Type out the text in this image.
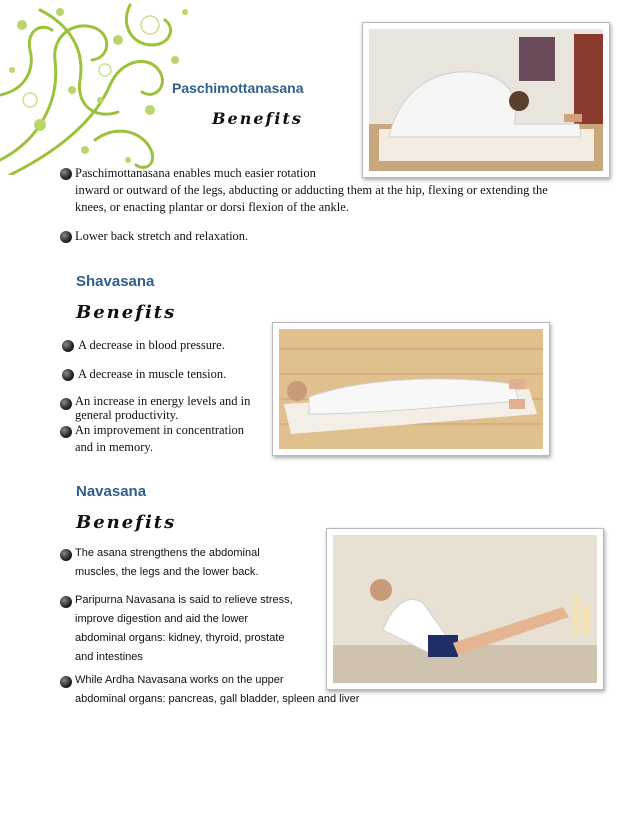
Paschimottanasana
Benefits
Paschimottanasana enables much easier rotation
inward or outward of the legs, abducting or adducting them at the hip, flexing or extending the
knees, or enacting plantar or dorsi flexion of the ankle.
Lower back stretch and relaxation.
Shavasana
Benefits
A decrease in blood pressure.
A decrease in muscle tension.
An increase in energy levels and in
general productivity.
An improvement in concentration
and in memory.
Navasana
Benefits
The asana strengthens the abdominal
muscles, the legs and the lower back.
Paripurna Navasana is said to relieve stress,
improve digestion and aid the lower
abdominal organs: kidney, thyroid, prostate
and intestines
While Ardha Navasana works on the upper
abdominal organs: pancreas, gall bladder, spleen and liver
